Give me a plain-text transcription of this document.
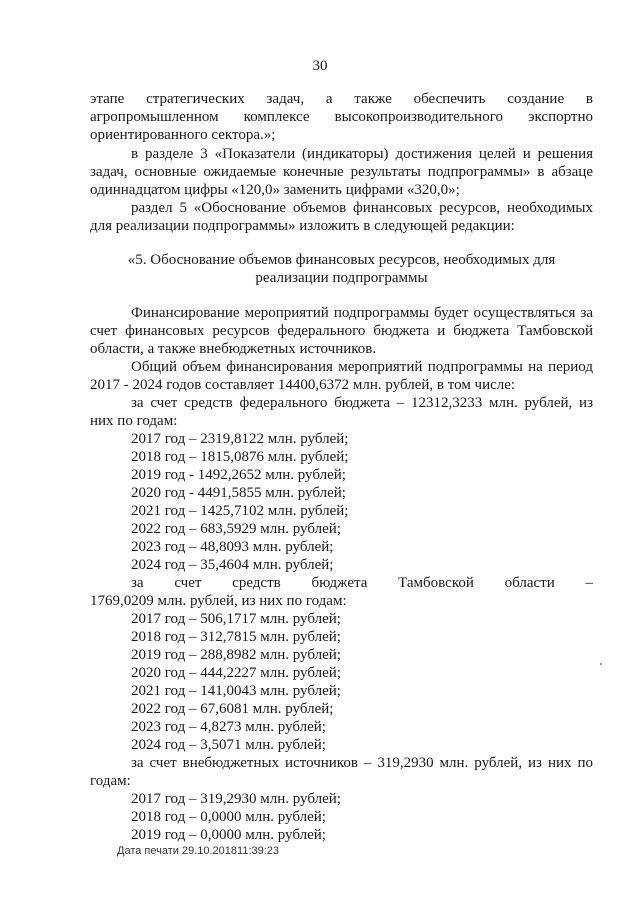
30
этапе стратегических задач, а также обеспечить создание в
агропромышленном комплексе высокопроизводительного экспортно
ориентированного сектора.»;
в разделе 3 «Показатели (индикаторы) достижения целей и решения
задач, основные ожидаемые конечные результаты подпрограммы» в абзаце
одиннадцатом цифры «120,0» заменить цифрами «320,0»;
раздел 5 «Обоснование объемов финансовых ресурсов, необходимых
для реализации подпрограммы» изложить в следующей редакции:
«5. Обоснование объемов финансовых ресурсов, необходимых для
реализации подпрограммы
Финансирование мероприятий подпрограммы будет осуществляться за
счет финансовых ресурсов федерального бюджета и бюджета Тамбовской
области, а также внебюджетных источников.
Общий объем финансирования мероприятий подпрограммы на период
2017 - 2024 годов составляет 14400,6372 млн. рублей, в том числе:
за счет средств федерального бюджета – 12312,3233 млн. рублей, из
них по годам:
2017 год – 2319,8122 млн. рублей;
2018 год – 1815,0876 млн. рублей;
2019 год - 1492,2652 млн. рублей;
2020 год - 4491,5855 млн. рублей;
2021 год – 1425,7102 млн. рублей;
2022 год – 683,5929 млн. рублей;
2023 год – 48,8093 млн. рублей;
2024 год – 35,4604 млн. рублей;
за счет средств бюджета Тамбовской области –
1769,0209 млн. рублей, из них по годам:
2017 год – 506,1717 млн. рублей;
2018 год – 312,7815 млн. рублей;
2019 год – 288,8982 млн. рублей;
2020 год – 444,2227 млн. рублей;
2021 год – 141,0043 млн. рублей;
2022 год – 67,6081 млн. рублей;
2023 год – 4,8273 млн. рублей;
2024 год – 3,5071 млн. рублей;
за счет внебюджетных источников – 319,2930 млн. рублей, из них по
годам:
2017 год – 319,2930 млн. рублей;
2018 год – 0,0000 млн. рублей;
2019 год – 0,0000 млн. рублей;
Дата печати 29.10.201811:39:23
